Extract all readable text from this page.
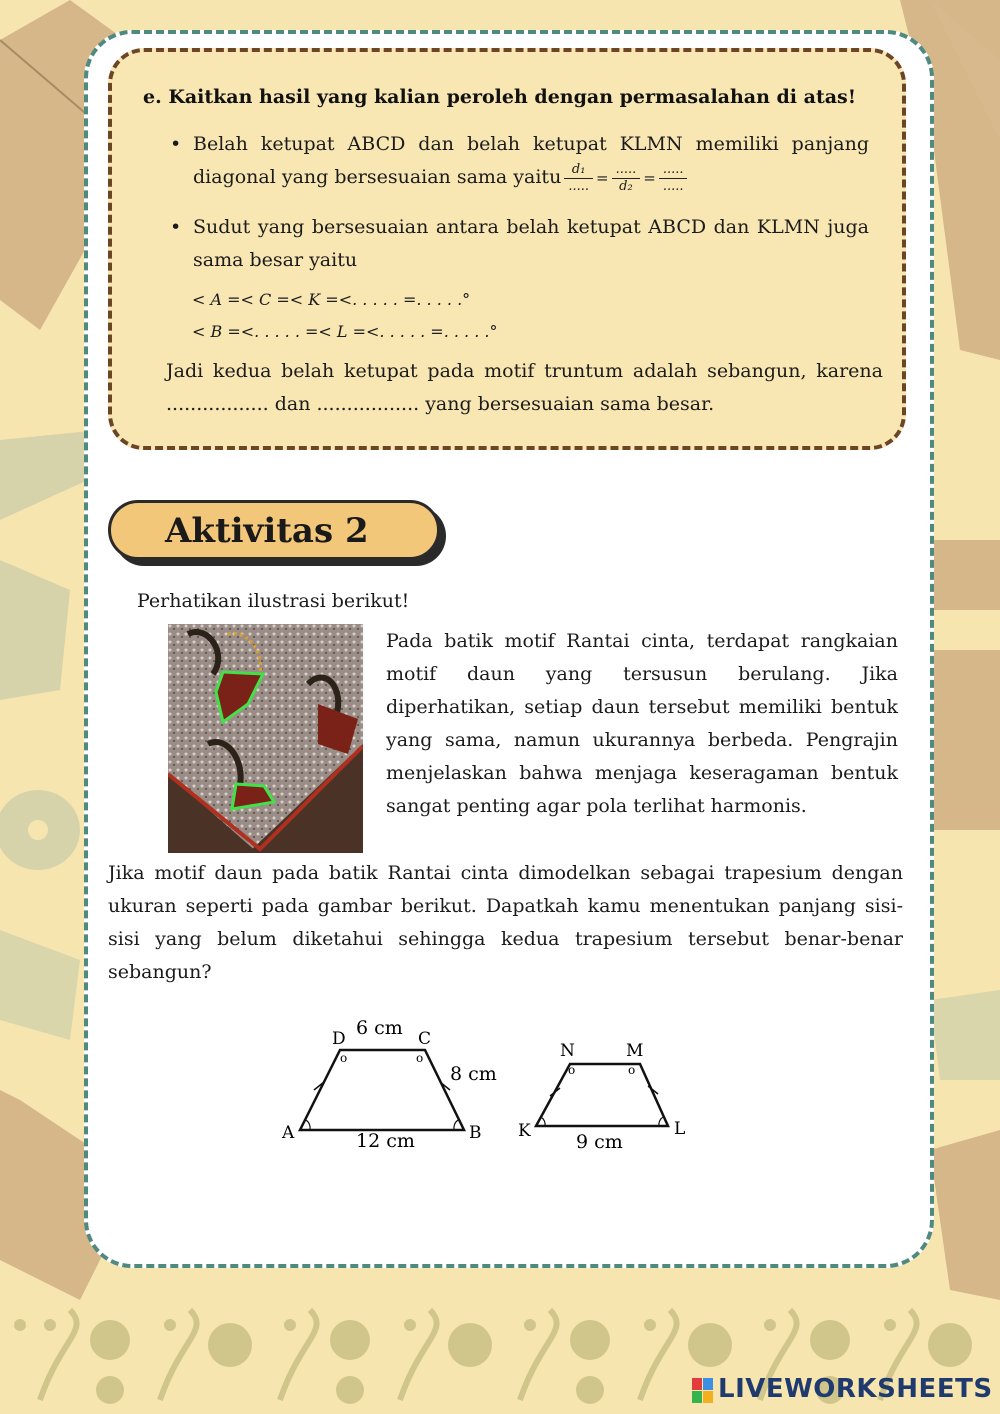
e. Kaitkan hasil yang kalian peroleh dengan permasalahan di atas!
• Belah ketupat ABCD dan belah ketupat KLMN memiliki panjang
diagonal yang bersesuaian sama yaitu $\frac{\text{d₁}}{.....} = \frac{.....}{\text{d₂}} = \frac{.....}{.....}$
• Sudut yang bersesuaian antara belah ketupat ABCD dan KLMN juga sama besar yaitu
< A =< C =< K =<. . . . . =. . . . .°
< B =<. . . . . =< L =<. . . . . =. . . . .°
Jadi kedua belah ketupat pada motif truntum adalah sebangun, karena ................. dan ................. yang bersesuaian sama besar.
Aktivitas 2
Perhatikan ilustrasi berikut!
Pada batik motif Rantai cinta, terdapat rangkaian motif daun yang tersusun berulang. Jika diperhatikan, setiap daun tersebut memiliki bentuk yang sama, namun ukurannya berbeda. Pengrajin menjelaskan bahwa menjaga keseragaman bentuk sangat penting agar pola terlihat harmonis.
Jika motif daun pada batik Rantai cinta dimodelkan sebagai trapesium dengan ukuran seperti pada gambar berikut. Dapatkah kamu menentukan panjang sisi-sisi yang belum diketahui sehingga kedua trapesium tersebut benar-benar sebangun?
o	o
A	B
C
D 6 cm
8 cm
12 cm
o	o
K	L
M
N
9 cm
LIVEWORKSHEETS
